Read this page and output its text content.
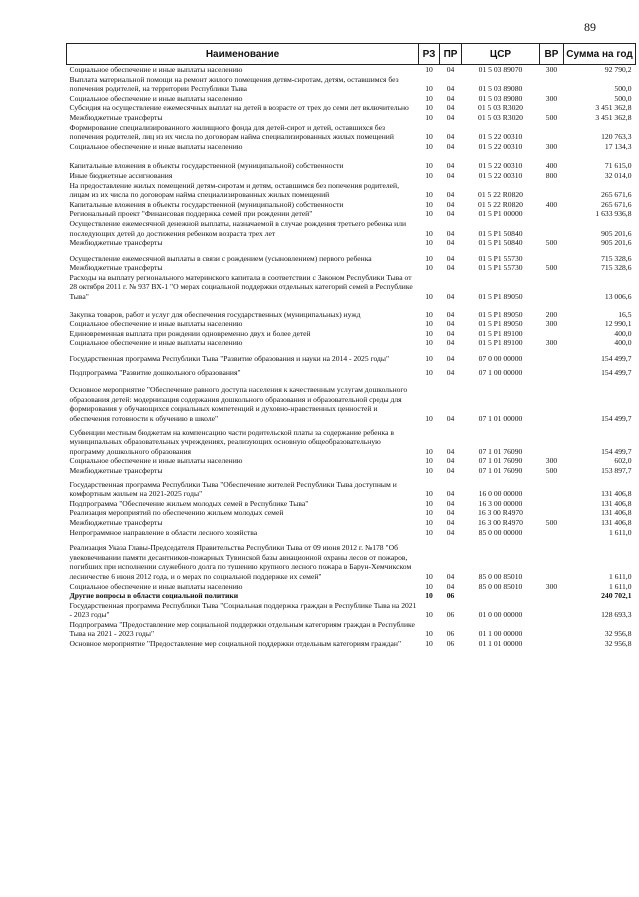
89
Наименование	РЗ	ПР	ЦСР	ВР	Сумма на год
Социальное обеспечение и иные выплаты населению	10	04	01 5 03 89070	300	92 790,2
Выплата материальной помощи на ремонт жилого помещения детям-сиротам, детям, оставшимся без попечения родителей, на территории Республики Тыва	10	04	01 5 03 89080		500,0
Социальное обеспечение и иные выплаты населению	10	04	01 5 03 89080	300	500,0
Субсидия на осуществление ежемесячных выплат на детей в возрасте от трех до семи лет включительно	10	04	01 5 03 R3020		3 451 362,8
Межбюджетные трансферты	10	04	01 5 03 R3020	500	3 451 362,8
Формирование специализированного жилищного фонда для детей-сирот и детей, оставшихся без попечения родителей, лиц из их числа по договорам найма специализированных жилых помещений	10	04	01 5 22 00310		120 763,3
Социальное обеспечение и иные выплаты населению	10	04	01 5 22 00310	300	17 134,3
Капитальные вложения в объекты государственной (муниципальной) собственности	10	04	01 5 22 00310	400	71 615,0
Иные бюджетные ассигнования	10	04	01 5 22 00310	800	32 014,0
На предоставление жилых помещений детям-сиротам и детям, оставшимся без попечения родителей, лицам из их числа по договорам найма специализированных жилых помещений	10	04	01 5 22 R0820		265 671,6
Капитальные вложения в объекты государственной (муниципальной) собственности	10	04	01 5 22 R0820	400	265 671,6
Региональный проект "Финансовая поддержка семей при рождении детей"	10	04	01 5 P1 00000		1 633 936,8
Осуществление ежемесячной денежной выплаты, назначаемой в случае рождения третьего ребенка или последующих детей до достижения ребенком возраста трех лет	10	04	01 5 P1 50840		905 201,6
Межбюджетные трансферты	10	04	01 5 P1 50840	500	905 201,6
Осуществление ежемесячной выплаты в связи с рождением (усыновлением) первого ребенка	10	04	01 5 P1 55730		715 328,6
Межбюджетные трансферты	10	04	01 5 P1 55730	500	715 328,6
Расходы на выплату регионального материнского капитала в соответствии с Законом Республики Тыва от 28 октября 2011 г. № 937 ВХ-1 "О мерах социальной поддержки отдельных категорий семей в Республике Тыва"	10	04	01 5 P1 89050		13 006,6
Закупка товаров, работ и услуг для обеспечения государственных (муниципальных) нужд	10	04	01 5 P1 89050	200	16,5
Социальное обеспечение и иные выплаты населению	10	04	01 5 P1 89050	300	12 990,1
Единовременная выплата при рождении одновременно двух и более детей	10	04	01 5 P1 89100		400,0
Социальное обеспечение и иные выплаты населению	10	04	01 5 P1 89100	300	400,0
Государственная программа Республики Тыва "Развитие образования и науки на 2014 - 2025 годы"	10	04	07 0 00 00000		154 499,7
Подпрограмма "Развитие дошкольного образования"	10	04	07 1 00 00000		154 499,7
Основное мероприятие "Обеспечение равного доступа населения к качественным услугам дошкольного образования детей: модернизация содержания дошкольного образования и образовательной среды для формирования у обучающихся социальных компетенций и духовно-нравственных ценностей и обеспечения готовности к обучению в школе"	10	04	07 1 01 00000		154 499,7
Субвенции местным бюджетам на компенсацию части родительской платы за содержание ребенка в муниципальных образовательных учреждениях, реализующих основную общеобразовательную программу дошкольного образования	10	04	07 1 01 76090		154 499,7
Социальное обеспечение и иные выплаты населению	10	04	07 1 01 76090	300	602,0
Межбюджетные трансферты	10	04	07 1 01 76090	500	153 897,7
Государственная программа Республики Тыва "Обеспечение жителей Республики Тыва доступным и комфортным жильем на 2021-2025 годы"	10	04	16 0 00 00000		131 406,8
Подпрограмма "Обеспечение жильем молодых семей в Республике Тыва"	10	04	16 3 00 00000		131 406,8
Реализация мероприятий по обеспечению жильем молодых семей	10	04	16 3 00 R4970		131 406,8
Межбюджетные трансферты	10	04	16 3 00 R4970	500	131 406,8
Непрограммное направление в области лесного хозяйства	10	04	85 0 00 00000		1 611,0
Реализация Указа Главы-Председателя Правительства Республики Тыва от 09 июня 2012 г. №178 "Об увековечивании памяти десантников-пожарных Тувинской базы авиационной охраны лесов от пожаров, погибших при исполнении служебного долга по тушению крупного лесного пожара в Барун-Хемчикском лесничестве 6 июня 2012 года, и о мерах по социальной поддержке их семей"	10	04	85 0 00 85010		1 611,0
Социальное обеспечение и иные выплаты населению	10	04	85 0 00 85010	300	1 611,0
Другие вопросы в области социальной политики	10	06			240 702,1
Государственная программа Республики Тыва "Социальная поддержка граждан в Республике Тыва на 2021 - 2023 годы"	10	06	01 0 00 00000		128 693,3
Подпрограмма "Предоставление мер социальной поддержки отдельным категориям граждан в Республике Тыва на 2021 - 2023 годы"	10	06	01 1 00 00000		32 956,8
Основное мероприятие "Предоставление мер социальной поддержки отдельным категориям граждан"	10	06	01 1 01 00000		32 956,8
